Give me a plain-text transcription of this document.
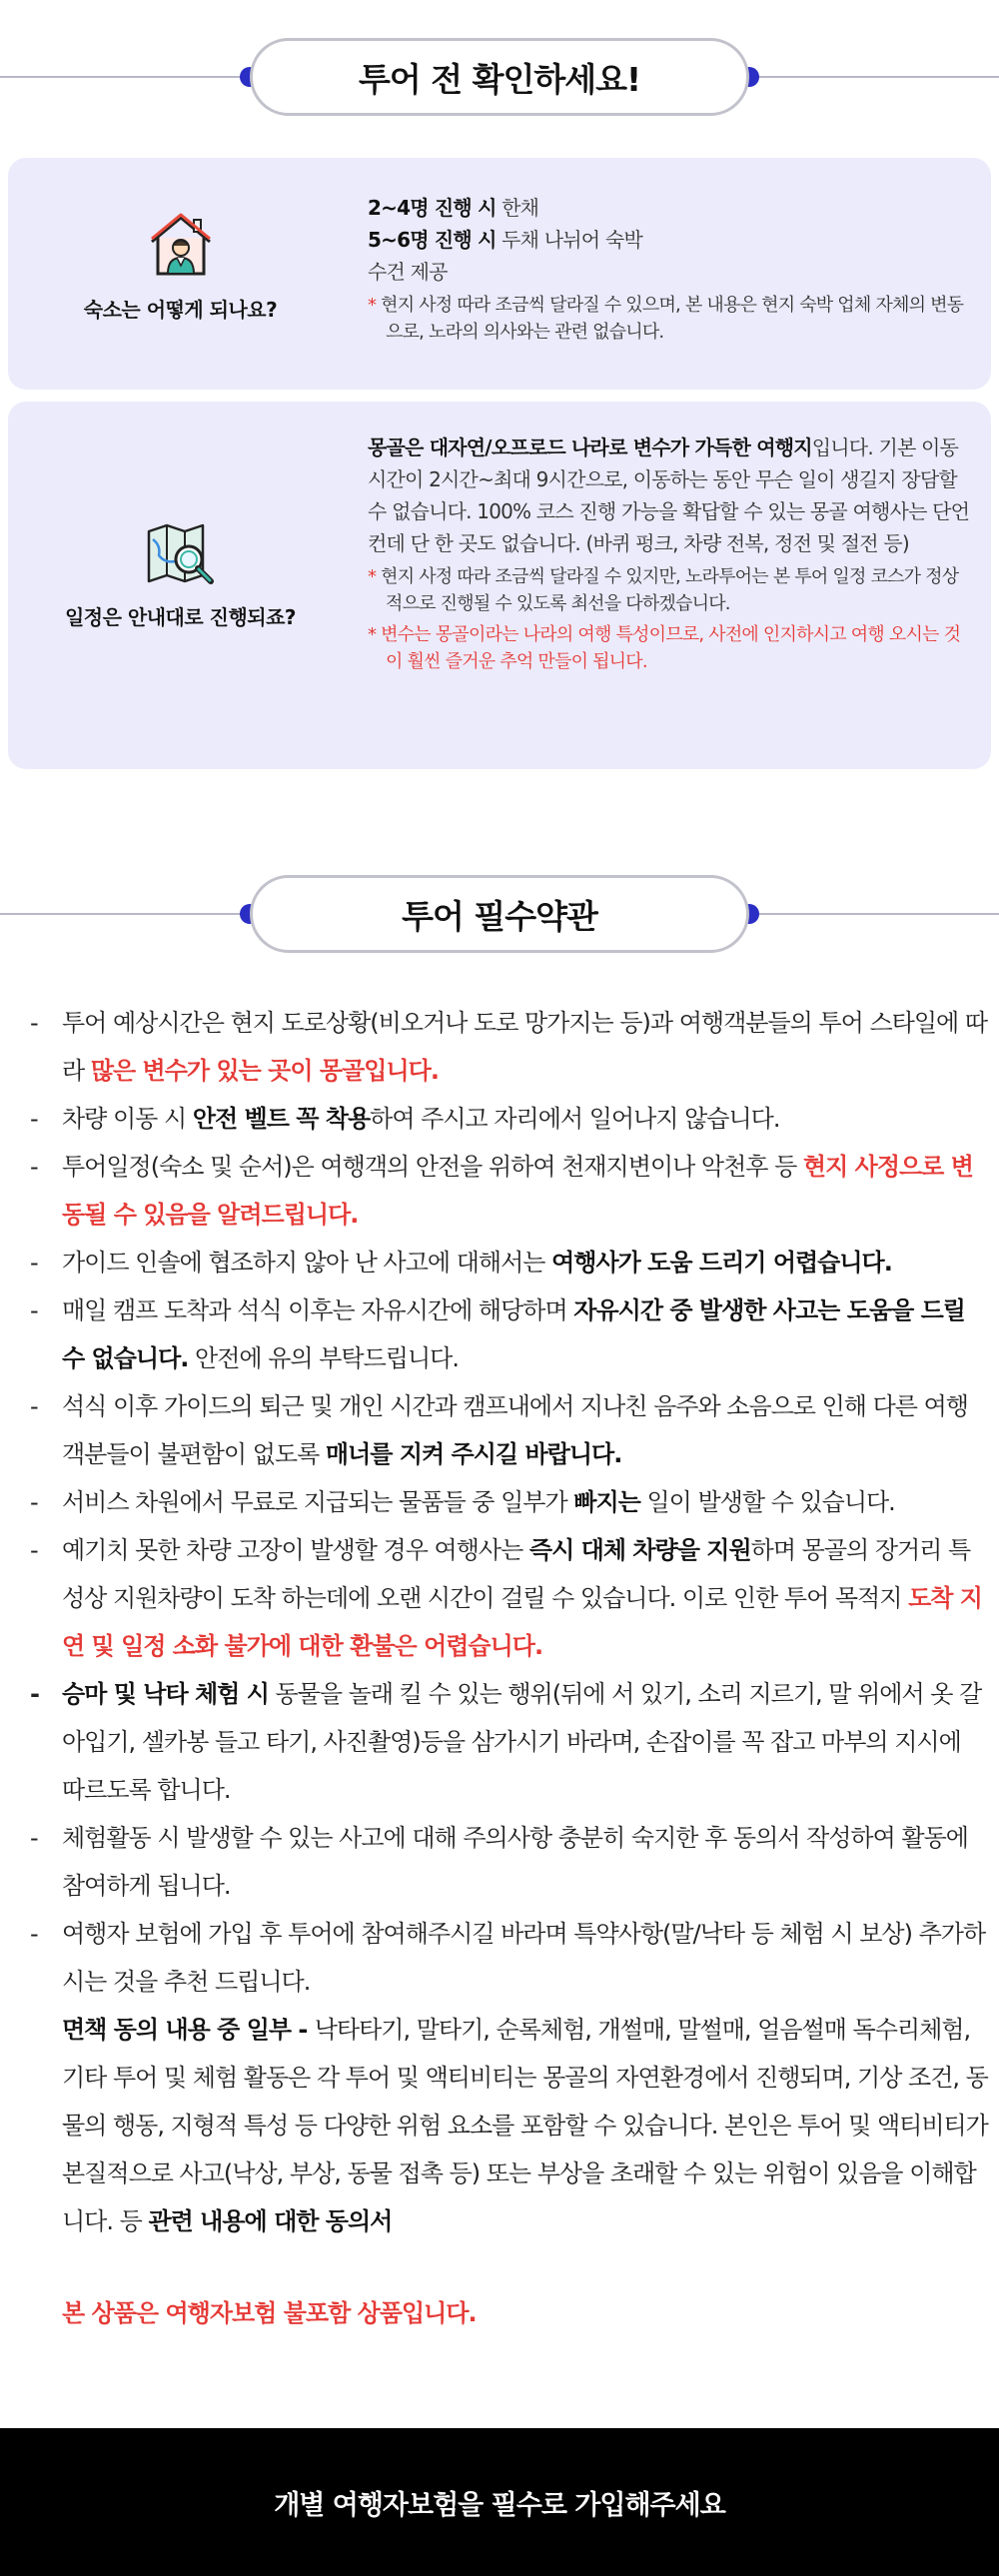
투어 전 확인하세요!
숙소는 어떻게 되나요?
2~4명 진행 시 한채
5~6명 진행 시 두채 나뉘어 숙박
수건 제공
* 현지 사정 따라 조금씩 달라질 수 있으며, 본 내용은 현지 숙박 업체 자체의 변동으로, 노라의 의사와는 관련 없습니다.
일정은 안내대로 진행되죠?
몽골은 대자연/오프로드 나라로 변수가 가득한 여행지입니다. 기본 이동 시간이 2시간~최대 9시간으로, 이동하는 동안 무슨 일이 생길지 장담할 수 없습니다. 100% 코스 진행 가능을 확답할 수 있는 몽골 여행사는 단언컨데 단 한 곳도 없습니다. (바퀴 펑크, 차량 전복, 정전 및 절전 등)
* 현지 사정 따라 조금씩 달라질 수 있지만, 노라투어는 본 투어 일정 코스가 정상적으로 진행될 수 있도록 최선을 다하겠습니다.
* 변수는 몽골이라는 나라의 여행 특성이므로, 사전에 인지하시고 여행 오시는 것이 훨씬 즐거운 추억 만들이 됩니다.
투어 필수약관
-	투어 예상시간은 현지 도로상황(비오거나 도로 망가지는 등)과 여행객분들의 투어 스타일에 따라 많은 변수가 있는 곳이 몽골입니다.
-	차량 이동 시 안전 벨트 꼭 착용하여 주시고 자리에서 일어나지 않습니다.
-	투어일정(숙소 및 순서)은 여행객의 안전을 위하여 천재지변이나 악천후 등 현지 사정으로 변동될 수 있음을 알려드립니다.
-	가이드 인솔에 협조하지 않아 난 사고에 대해서는 여행사가 도움 드리기 어렵습니다.
-	매일 캠프 도착과 석식 이후는 자유시간에 해당하며 자유시간 중 발생한 사고는 도움을 드릴 수 없습니다. 안전에 유의 부탁드립니다.
-	석식 이후 가이드의 퇴근 및 개인 시간과 캠프내에서 지나친 음주와 소음으로 인해 다른 여행객분들이 불편함이 없도록 매너를 지켜 주시길 바랍니다.
-	서비스 차원에서 무료로 지급되는 물품들 중 일부가 빠지는 일이 발생할 수 있습니다.
-	예기치 못한 차량 고장이 발생할 경우 여행사는 즉시 대체 차량을 지원하며 몽골의 장거리 특성상 지원차량이 도착 하는데에 오랜 시간이 걸릴 수 있습니다. 이로 인한 투어 목적지 도착 지연 및 일정 소화 불가에 대한 환불은 어렵습니다.
- 승마 및 낙타 체험 시 동물을 놀래 킬 수 있는 행위(뒤에 서 있기, 소리 지르기, 말 위에서 옷 갈아입기, 셀카봉 들고 타기, 사진촬영)등을 삼가시기 바라며, 손잡이를 꼭 잡고 마부의 지시에 따르도록 합니다.
-	체험활동 시 발생할 수 있는 사고에 대해 주의사항 충분히 숙지한 후 동의서 작성하여 활동에 참여하게 됩니다.
-	여행자 보험에 가입 후 투어에 참여해주시길 바라며 특약사항(말/낙타 등 체험 시 보상) 추가하시는 것을 추천 드립니다.
면책 동의 내용 중 일부 - 낙타타기, 말타기, 순록체험, 개썰매, 말썰매, 얼음썰매 독수리체험, 기타 투어 및 체험 활동은 각 투어 및 액티비티는 몽골의 자연환경에서 진행되며, 기상 조건, 동물의 행동, 지형적 특성 등 다양한 위험 요소를 포함할 수 있습니다. 본인은 투어 및 액티비티가 본질적으로 사고(낙상, 부상, 동물 접촉 등) 또는 부상을 초래할 수 있는 위험이 있음을 이해합니다. 등 관련 내용에 대한 동의서
본 상품은 여행자보험 불포함 상품입니다.
개별 여행자보험을 필수로 가입해주세요
